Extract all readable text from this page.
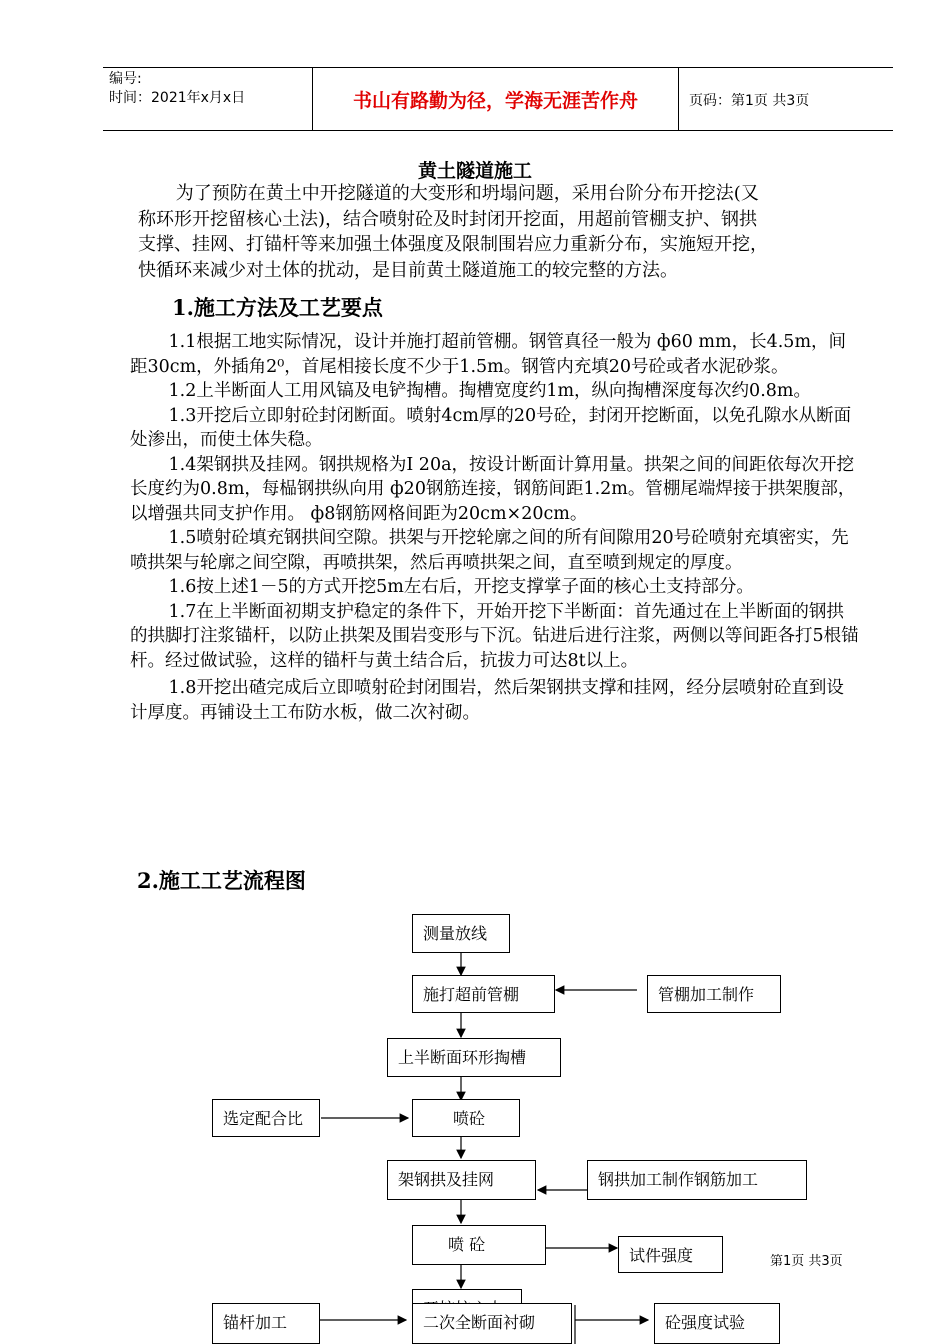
编号:
时间：2021年x月x日	书山有路勤为径，学海无涯苦作舟	页码：第1页 共3页
黄土隧道施工

为了预防在黄土中开挖隧道的大变形和坍塌问题，采用台阶分布开挖法(又

称环形开挖留核心土法)，结合喷射砼及时封闭开挖面，用超前管棚支护、钢拱

支撑、挂网、打锚杆等来加强土体强度及限制围岩应力重新分布，实施短开挖，

快循环来减少对土体的扰动，是目前黄土隧道施工的较完整的方法。

1.施工方法及工艺要点

1.1根据工地实际情况，设计并施打超前管棚。钢管真径一般为 ф60 mm，长4.5m，间距30cm，外插角2⁰，首尾相接长度不少于1.5m。钢管内充填20号砼或者水泥砂浆。

1.2上半断面人工用风镐及电铲掏槽。掏槽宽度约1m，纵向掏槽深度每次约0.8m。

1.3开挖后立即射砼封闭断面。喷射4cm厚的20号砼，封闭开挖断面，以免孔隙水从断面处渗出，而使土体失稳。

1.4架钢拱及挂网。钢拱规格为Ⅰ 20a，按设计断面计算用量。拱架之间的间距依每次开挖长度约为0.8m，每榀钢拱纵向用 ф20钢筋连接，钢筋间距1.2m。管棚尾端焊接于拱架腹部，以增强共同支护作用。 ф8钢筋网格间距为20cm×20cm。

1.5喷射砼填充钢拱间空隙。拱架与开挖轮廓之间的所有间隙用20号砼喷射充填密实，先喷拱架与轮廓之间空隙，再喷拱架，然后再喷拱架之间，直至喷到规定的厚度。

1.6按上述1－5的方式开挖5m左右后，开挖支撑掌子面的核心土支持部分。

1.7在上半断面初期支护稳定的条件下，开始开挖下半断面：首先通过在上半断面的钢拱的拱脚打注浆锚杆，以防止拱架及围岩变形与下沉。钻进后进行注浆，两侧以等间距各打5根锚杆。经过做试验，这样的锚杆与黄土结合后，抗拔力可达8t以上。

1.8开挖出碴完成后立即喷射砼封闭围岩，然后架钢拱支撑和挂网，经分层喷射砼直到设计厚度。再铺设土工布防水板，做二次衬砌。

2.施工工艺流程图
测量放线
施打超前管棚	管棚加工制作
上半断面环形掏槽
选定配合比	喷砼
架钢拱及挂网	钢拱加工制作钢筋加工
喷 砼
试件强度
锚杆加工	二次全断面衬砌	砼强度试验
第1页 共3页
